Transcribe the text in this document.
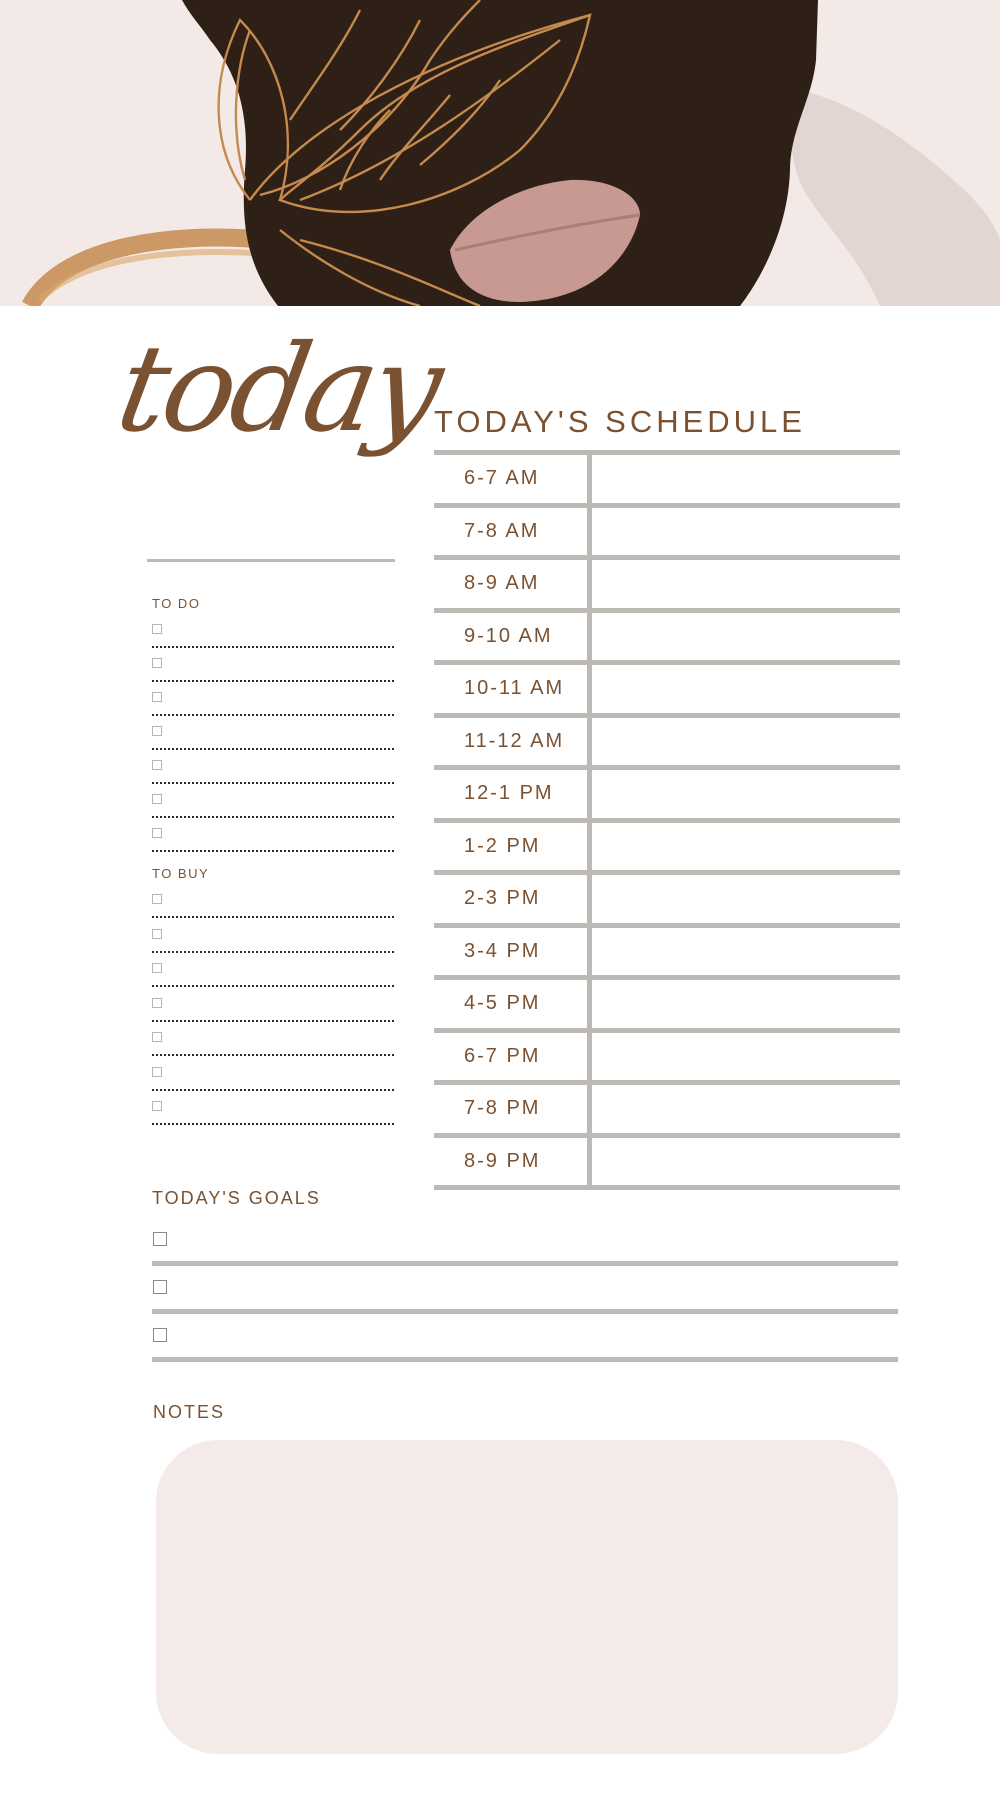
today
TO DO
TO BUY
TODAY'S SCHEDULE
6-7 AM
7-8 AM
8-9 AM
9-10 AM
10-11 AM
11-12 AM
12-1 PM
1-2 PM
2-3 PM
3-4 PM
4-5 PM
6-7 PM
7-8 PM
8-9 PM
TODAY'S GOALS
NOTES
